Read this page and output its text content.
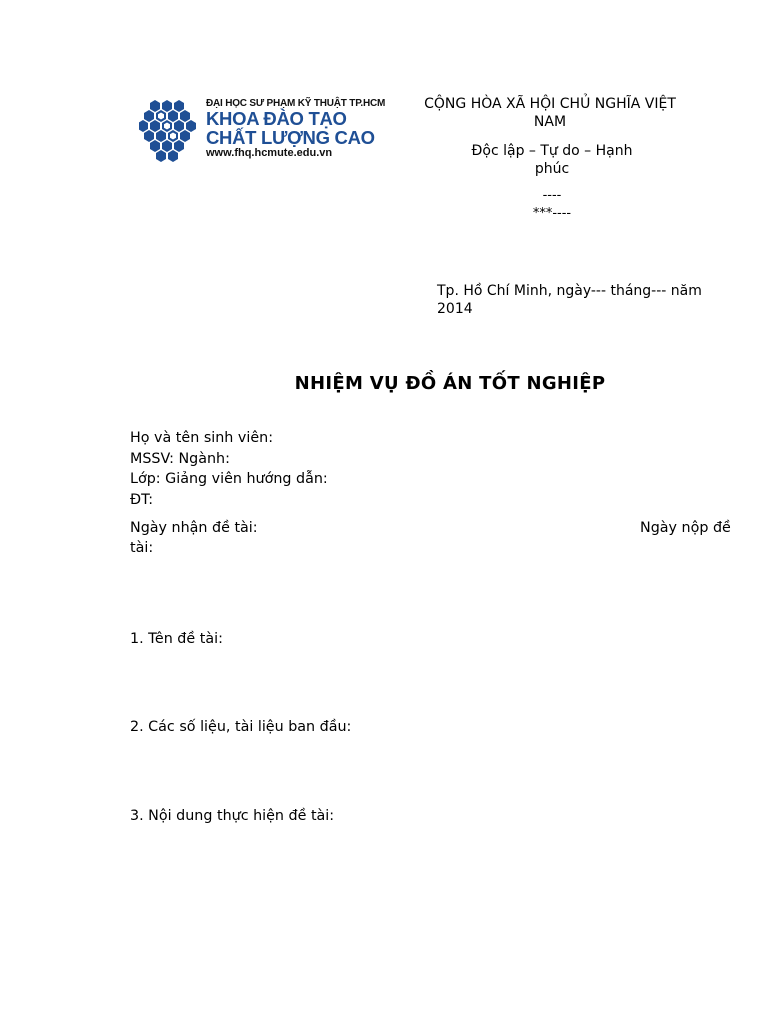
ĐẠI HỌC SƯ PHẠM KỸ THUẬT TP.HCM
KHOA ĐÀO TẠO
CHẤT LƯỢNG CAO
www.fhq.hcmute.edu.vn
CỘNG HÒA XÃ HỘI CHỦ NGHĨA VIỆT
NAM
Độc lập – Tự do – Hạnh
phúc
----
***----
Tp. Hồ Chí Minh, ngày--- tháng--- năm
2014
NHIỆM VỤ ĐỒ ÁN TỐT NGHIỆP
Họ và tên sinh viên:
MSSV: Ngành:
Lớp: Giảng viên hướng dẫn:
ĐT:
Ngày nhận đề tài:	Ngày nộp đề
tài:
1. Tên đề tài:
2. Các số liệu, tài liệu ban đầu:
3. Nội dung thực hiện đề tài:
